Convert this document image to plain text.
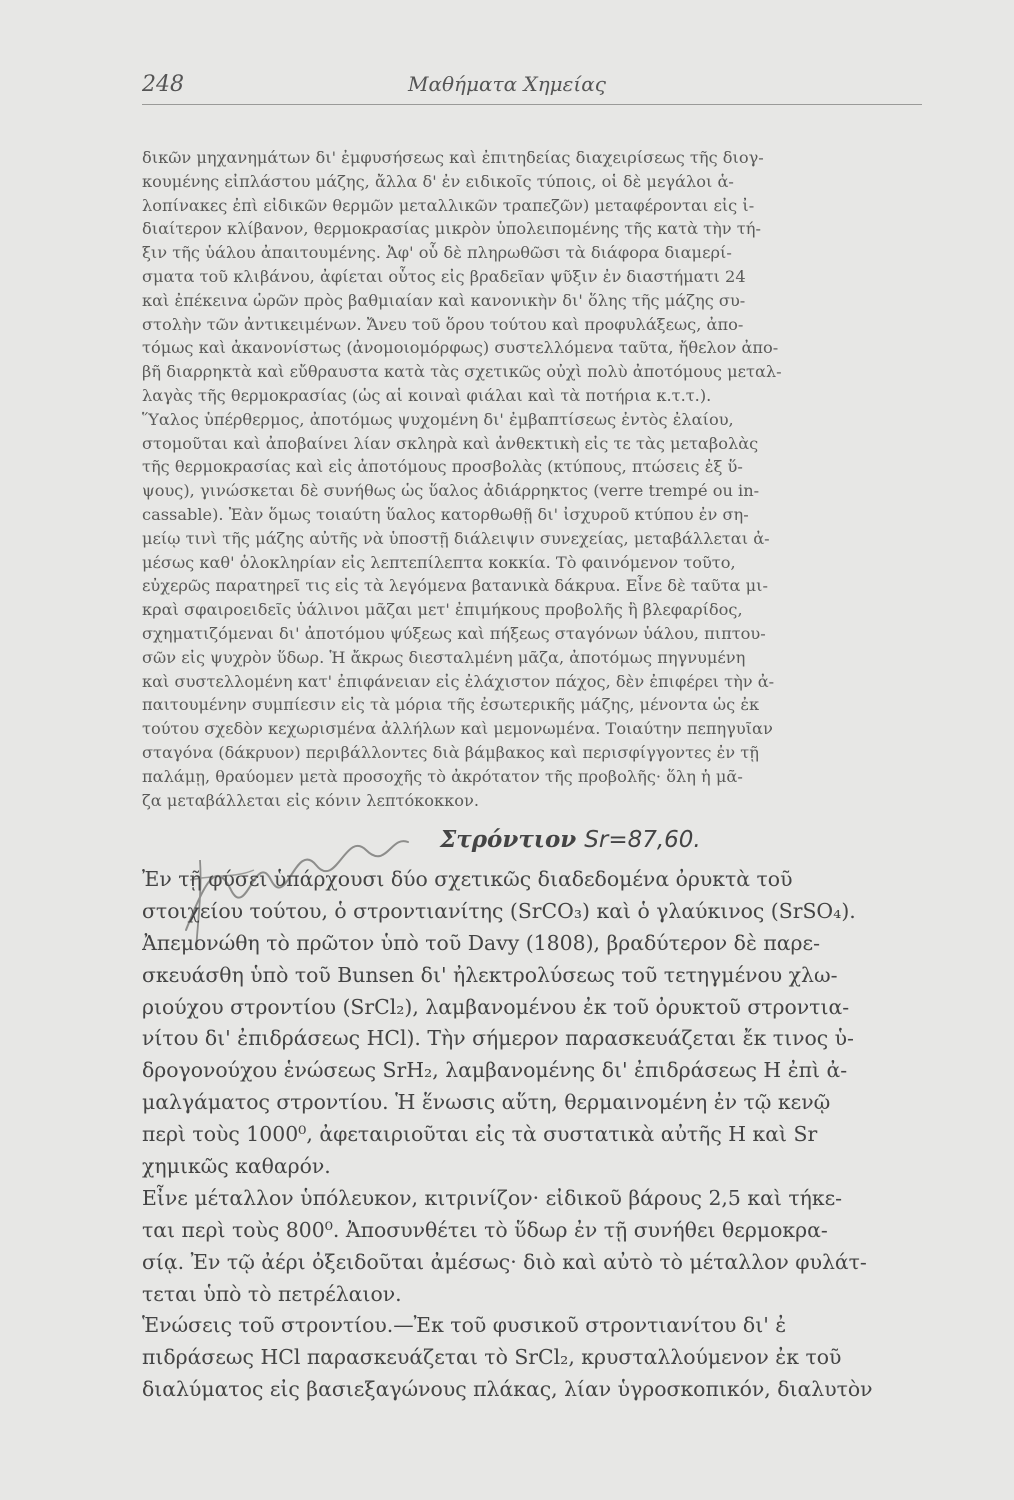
248	Μαθήματα Χημείας
δικῶν μηχανημάτων δι' ἐμφυσήσεως καὶ ἐπιτηδείας διαχειρίσεως τῆς διογ-
κουμένης εἰπλάστου μάζης, ἄλλα δ' ἐν ειδικοῖς τύποις, οἱ δὲ μεγάλοι ἁ-
λοπίνακες ἐπὶ εἰδικῶν θερμῶν μεταλλικῶν τραπεζῶν) μεταφέρονται εἰς ἰ-
διαίτερον κλίβανον, θερμοκρασίας μικρὸν ὑπολειπομένης τῆς κατὰ τὴν τή-
ξιν τῆς ὑάλου ἀπαιτουμένης. Ἀφ' οὗ δὲ πληρωθῶσι τὰ διάφορα διαμερί-
σματα τοῦ κλιβάνου, ἀφίεται οὗτος εἰς βραδεῖαν ψῦξιν ἐν διαστήματι 24
καὶ ἐπέκεινα ὡρῶν πρὸς βαθμιαίαν καὶ κανονικὴν δι' ὅλης τῆς μάζης συ-
στολὴν τῶν ἀντικειμένων. Ἄνευ τοῦ ὅρου τούτου καὶ προφυλάξεως, ἀπο-
τόμως καὶ ἀκανονίστως (ἀνομοιομόρφως) συστελλόμενα ταῦτα, ἤθελον ἀπο-
βῆ διαρρηκτὰ καὶ εὔθραυστα κατὰ τὰς σχετικῶς οὐχὶ πολὺ ἀποτόμους μεταλ-
λαγὰς τῆς θερμοκρασίας (ὡς αἱ κοιναὶ φιάλαι καὶ τὰ ποτήρια κ.τ.τ.).
Ὕαλος ὑπέρθερμος, ἀποτόμως ψυχομένη δι' ἐμβαπτίσεως ἐντὸς ἐλαίου,
στομοῦται καὶ ἀποβαίνει λίαν σκληρὰ καὶ ἀνθεκτικὴ εἰς τε τὰς μεταβολὰς
τῆς θερμοκρασίας καὶ εἰς ἀποτόμους προσβολὰς (κτύπους, πτώσεις ἐξ ὕ-
ψους), γινώσκεται δὲ συνήθως ὡς ὕαλος ἀδιάρρηκτος (verre trempé ou in-
cassable). Ἐὰν ὅμως τοιαύτη ὕαλος κατορθωθῇ δι' ἰσχυροῦ κτύπου ἐν ση-
μείῳ τινὶ τῆς μάζης αὐτῆς νὰ ὑποστῇ διάλειψιν συνεχείας, μεταβάλλεται ἀ-
μέσως καθ' ὁλοκληρίαν εἰς λεπτεπίλεπτα κοκκία. Τὸ φαινόμενον τοῦτο,
εὐχερῶς παρατηρεῖ τις εἰς τὰ λεγόμενα βατανικὰ δάκρυα. Εἶνε δὲ ταῦτα μι-
κραὶ σφαιροειδεῖς ὑάλινοι μᾶζαι μετ' ἐπιμήκους προβολῆς ἢ βλεφαρίδος,
σχηματιζόμεναι δι' ἀποτόμου ψύξεως καὶ πήξεως σταγόνων ὑάλου, πιπτου-
σῶν εἰς ψυχρὸν ὕδωρ. Ἡ ἄκρως διεσταλμένη μᾶζα, ἀποτόμως πηγνυμένη
καὶ συστελλομένη κατ' ἐπιφάνειαν εἰς ἐλάχιστον πάχος, δὲν ἐπιφέρει τὴν ἀ-
παιτουμένην συμπίεσιν εἰς τὰ μόρια τῆς ἐσωτερικῆς μάζης, μένοντα ὡς ἐκ
τούτου σχεδὸν κεχωρισμένα ἀλλήλων καὶ μεμονωμένα. Τοιαύτην πεπηγυῖαν
σταγόνα (δάκρυον) περιβάλλοντες διὰ βάμβακος καὶ περισφίγγοντες ἐν τῇ
παλάμῃ, θραύομεν μετὰ προσοχῆς τὸ ἀκρότατον τῆς προβολῆς· ὅλη ἡ μᾶ-
ζα μεταβάλλεται εἰς κόνιν λεπτόκοκκον.
Στρόντιον Sr=87,60.
Ἐν τῇ φύσει ὑπάρχουσι δύο σχετικῶς διαδεδομένα ὀρυκτὰ τοῦ
στοιχείου τούτου, ὁ στροντιανίτης (SrCO₃) καὶ ὁ γλαύκινος (SrSO₄).
Ἀπεμονώθη τὸ πρῶτον ὑπὸ τοῦ Davy (1808), βραδύτερον δὲ παρε-
σκευάσθη ὑπὸ τοῦ Bunsen δι' ἠλεκτρολύσεως τοῦ τετηγμένου χλω-
ριούχου στροντίου (SrCl₂), λαμβανομένου ἐκ τοῦ ὀρυκτοῦ στροντια-
νίτου δι' ἐπιδράσεως HCl). Τὴν σήμερον παρασκευάζεται ἔκ τινος ὑ-
δρογονούχου ἑνώσεως SrH₂, λαμβανομένης δι' ἐπιδράσεως H ἐπὶ ἀ-
μαλγάματος στροντίου. Ἡ ἕνωσις αὕτη, θερμαινομένη ἐν τῷ κενῷ
περὶ τοὺς 1000⁰, ἀφεταιριοῦται εἰς τὰ συστατικὰ αὐτῆς H καὶ Sr
χημικῶς καθαρόν.
Εἶνε μέταλλον ὑπόλευκον, κιτρινίζον· εἰδικοῦ βάρους 2,5 καὶ τήκε-
ται περὶ τοὺς 800⁰. Ἀποσυνθέτει τὸ ὕδωρ ἐν τῇ συνήθει θερμοκρα-
σίᾳ. Ἐν τῷ ἀέρι ὀξειδοῦται ἀμέσως· διὸ καὶ αὐτὸ τὸ μέταλλον φυλάτ-
τεται ὑπὸ τὸ πετρέλαιον.
Ἑνώσεις τοῦ στροντίου.—Ἐκ τοῦ φυσικοῦ στροντιανίτου δι' ἐ
πιδράσεως HCl παρασκευάζεται τὸ SrCl₂, κρυσταλλούμενον ἐκ τοῦ
διαλύματος εἰς βασιεξαγώνους πλάκας, λίαν ὑγροσκοπικόν, διαλυτὸν
